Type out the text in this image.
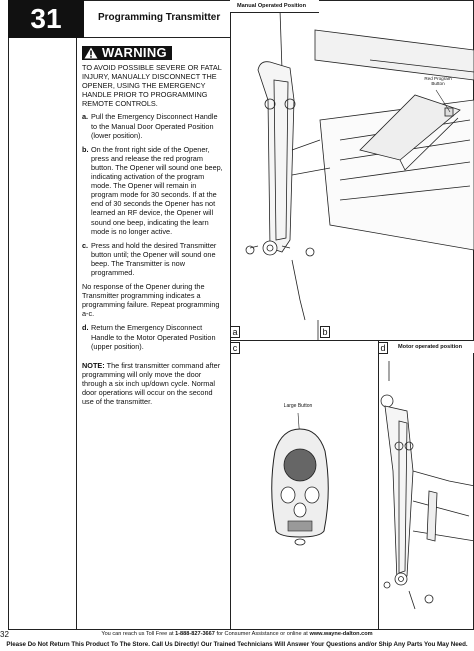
31	Programming Transmitter
WARNING

TO AVOID POSSIBLE SEVERE OR FATAL INJURY, MANUALLY DISCONNECT THE OPENER, USING THE EMERGENCY HANDLE PRIOR TO PROGRAMMING REMOTE CONTROLS.

a. Pull the Emergency Disconnect Handle to the Manual Door Operated Position (lower position).
b. On the front right side of the Opener, press and release the red program button. The Opener will sound one beep, indicating activation of the program mode. The Opener will remain in program mode for 30 seconds. If at the end of 30 seconds the Opener has not learned an RF device, the Opener will sound one beep, indicating the learn mode is no longer active.
c. Press and hold the desired Transmitter button until; the Opener will sound one beep. The Transmitter is now programmed.

No response of the Opener during the Transmitter programming indicates a programming failure. Repeat programming a-c.

d. Return the Emergency Disconnect Handle to the Motor Operated Position (upper position).

NOTE: The first transmitter command after programming will only move the door through a six inch up/down cycle. Normal door operations will occur on the second use of the transmitter.

Manual Operated Position
Red Program Button
a	b
c
Large Button
d	Motor operated position
32	You can reach us Toll Free at 1-888-827-3667 for Consumer Assistance or online at www.wayne-dalton.com
Please Do Not Return This Product To The Store. Call Us Directly! Our Trained Technicians Will Answer Your Questions and/or Ship Any Parts You May Need.
